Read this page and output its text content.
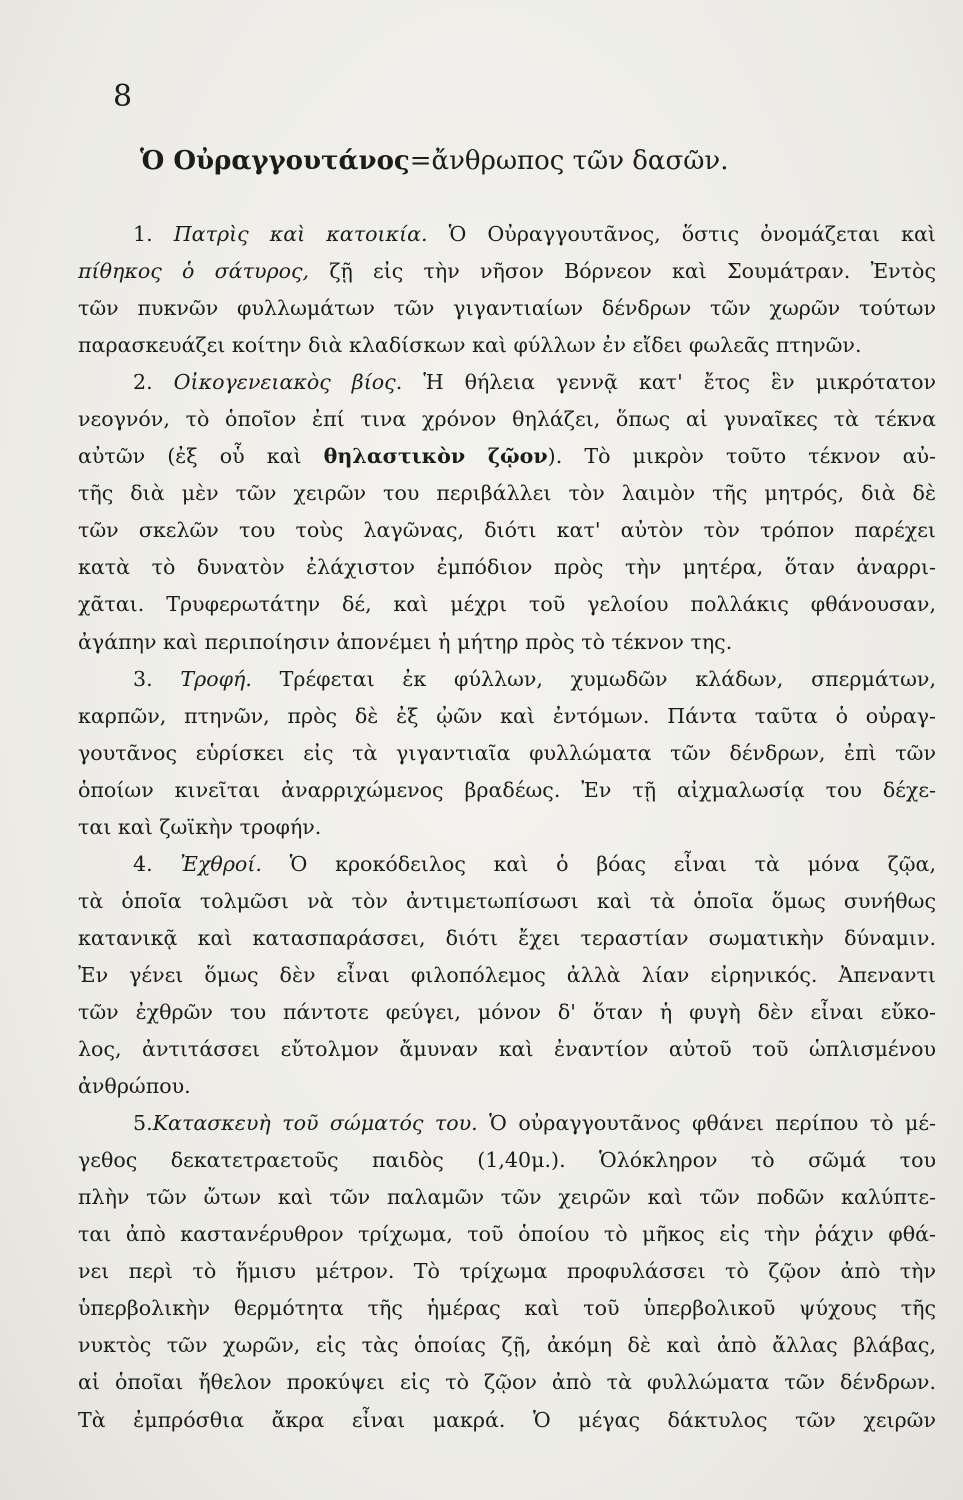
8
Ὁ Οὐραγγουτάνος=ἄνθρωπος τῶν δασῶν.
1. Πατρὶς καὶ κατοικία. Ὁ Οὐραγγουτᾶνος, ὅστις ὀνομάζεται καὶ
πίθηκος ὁ σάτυρος, ζῇ εἰς τὴν νῆσον Βόρνεον καὶ Σουμάτραν. Ἐντὸς
τῶν πυκνῶν φυλλωμάτων τῶν γιγαντιαίων δένδρων τῶν χωρῶν τούτων
παρασκευάζει κοίτην διὰ κλαδίσκων καὶ φύλλων ἐν εἴδει φωλεᾶς πτηνῶν.
2. Οἰκογενειακὸς βίος. Ἡ θήλεια γεννᾷ κατ' ἔτος ἓν μικρότατον
νεογνόν, τὸ ὁποῖον ἐπί τινα χρόνον θηλάζει, ὅπως αἱ γυναῖκες τὰ τέκνα
αὐτῶν (ἐξ οὗ καὶ θηλαστικὸν ζῷον). Τὸ μικρὸν τοῦτο τέκνον αὐ-
τῆς διὰ μὲν τῶν χειρῶν του περιβάλλει τὸν λαιμὸν τῆς μητρός, διὰ δὲ
τῶν σκελῶν του τοὺς λαγῶνας, διότι κατ' αὐτὸν τὸν τρόπον παρέχει
κατὰ τὸ δυνατὸν ἐλάχιστον ἐμπόδιον πρὸς τὴν μητέρα, ὅταν ἀναρρι-
χᾶται. Τρυφερωτάτην δέ, καὶ μέχρι τοῦ γελοίου πολλάκις φθάνουσαν,
ἀγάπην καὶ περιποίησιν ἀπονέμει ἡ μήτηρ πρὸς τὸ τέκνον της.
3. Τροφή. Τρέφεται ἐκ φύλλων, χυμωδῶν κλάδων, σπερμάτων,
καρπῶν, πτηνῶν, πρὸς δὲ ἐξ ᾠῶν καὶ ἐντόμων. Πάντα ταῦτα ὁ οὐραγ-
γουτᾶνος εὑρίσκει εἰς τὰ γιγαντιαῖα φυλλώματα τῶν δένδρων, ἐπὶ τῶν
ὁποίων κινεῖται ἀναρριχώμενος βραδέως. Ἐν τῇ αἰχμαλωσίᾳ του δέχε-
ται καὶ ζωϊκὴν τροφήν.
4. Ἐχθροί. Ὁ κροκόδειλος καὶ ὁ βόας εἶναι τὰ μόνα ζῷα,
τὰ ὁποῖα τολμῶσι νὰ τὸν ἀντιμετωπίσωσι καὶ τὰ ὁποῖα ὅμως συνήθως
κατανικᾷ καὶ κατασπαράσσει, διότι ἔχει τεραστίαν σωματικὴν δύναμιν.
Ἐν γένει ὅμως δὲν εἶναι φιλοπόλεμος ἀλλὰ λίαν εἰρηνικός. Ἀπεναντι
τῶν ἐχθρῶν του πάντοτε φεύγει, μόνον δ' ὅταν ἡ φυγὴ δὲν εἶναι εὔκο-
λος, ἀντιτάσσει εὔτολμον ἄμυναν καὶ ἐναντίον αὐτοῦ τοῦ ὡπλισμένου
ἀνθρώπου.
5.Κατασκευὴ τοῦ σώματός του. Ὁ οὐραγγουτᾶνος φθάνει περίπου τὸ μέ-
γεθος δεκατετραετοῦς παιδὸς (1,40μ.). Ὁλόκληρον τὸ σῶμά του
πλὴν τῶν ὤτων καὶ τῶν παλαμῶν τῶν χειρῶν καὶ τῶν ποδῶν καλύπτε-
ται ἀπὸ καστανέρυθρον τρίχωμα, τοῦ ὁποίου τὸ μῆκος εἰς τὴν ῥάχιν φθά-
νει περὶ τὸ ἥμισυ μέτρον. Τὸ τρίχωμα προφυλάσσει τὸ ζῷον ἀπὸ τὴν
ὑπερβολικὴν θερμότητα τῆς ἡμέρας καὶ τοῦ ὑπερβολικοῦ ψύχους τῆς
νυκτὸς τῶν χωρῶν, εἰς τὰς ὁποίας ζῇ, ἀκόμη δὲ καὶ ἀπὸ ἄλλας βλάβας,
αἱ ὁποῖαι ἤθελον προκύψει εἰς τὸ ζῷον ἀπὸ τὰ φυλλώματα τῶν δένδρων.
Τὰ ἐμπρόσθια ἄκρα εἶναι μακρά. Ὁ μέγας δάκτυλος τῶν χειρῶν
